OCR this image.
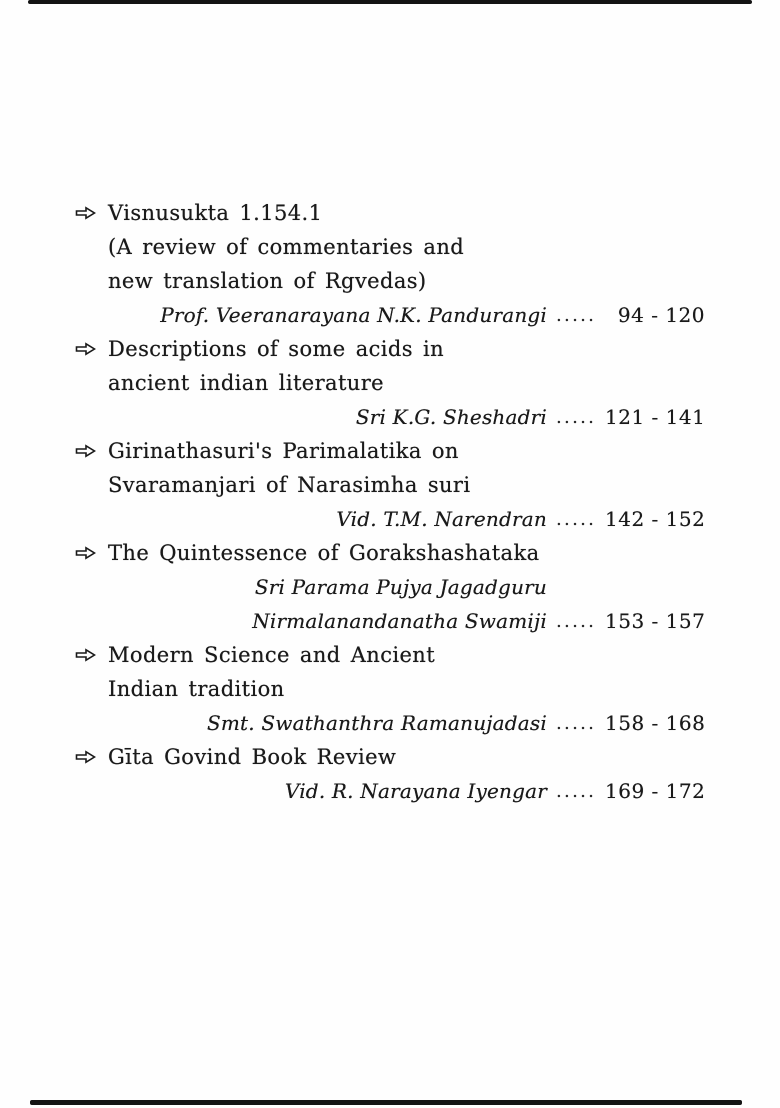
Visnusukta 1.154.1
(A review of commentaries and
new translation of Rgvedas)
Prof. Veeranarayana N.K. Pandurangi .....	94 - 120
Descriptions of some acids in
ancient indian literature
Sri K.G. Sheshadri ..... 121 - 141
Girinathasuri's Parimalatika on
Svaramanjari of Narasimha suri
Vid. T.M. Narendran ..... 142 - 152
The Quintessence of Gorakshashataka
Sri Parama Pujya Jagadguru
Nirmalanandanatha Swamiji ..... 153 - 157
Modern Science and Ancient
Indian tradition
Smt. Swathanthra Ramanujadasi ..... 158 - 168
Gīta Govind Book Review
Vid. R. Narayana Iyengar ..... 169 - 172
